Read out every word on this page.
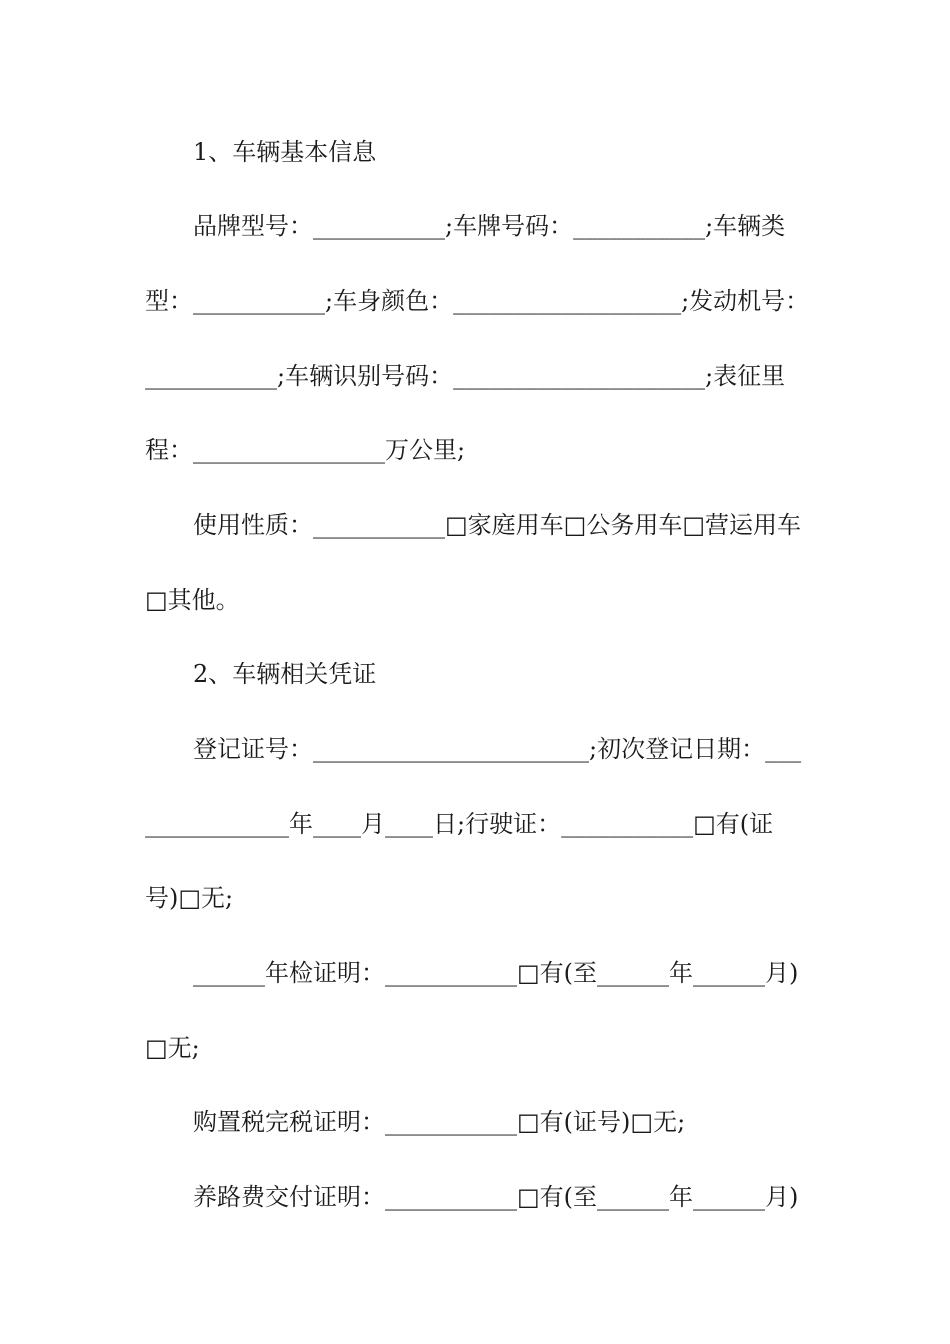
1、车辆基本信息

品牌型号：___________;车牌号码：___________;车辆类

型：___________;车身颜色：___________________;发动机号：

___________;车辆识别号码：_____________________;表征里

程：________________万公里;

使用性质：___________□家庭用车□公务用车□营运用车

□其他。

2、车辆相关凭证

登记证号：_______________________;初次登记日期：___

____________年____月____日;行驶证：___________□有(证

号)□无;

______年检证明：___________□有(至______年______月)

□无;

购置税完税证明：___________□有(证号)□无;

养路费交付证明：___________□有(至______年______月)
